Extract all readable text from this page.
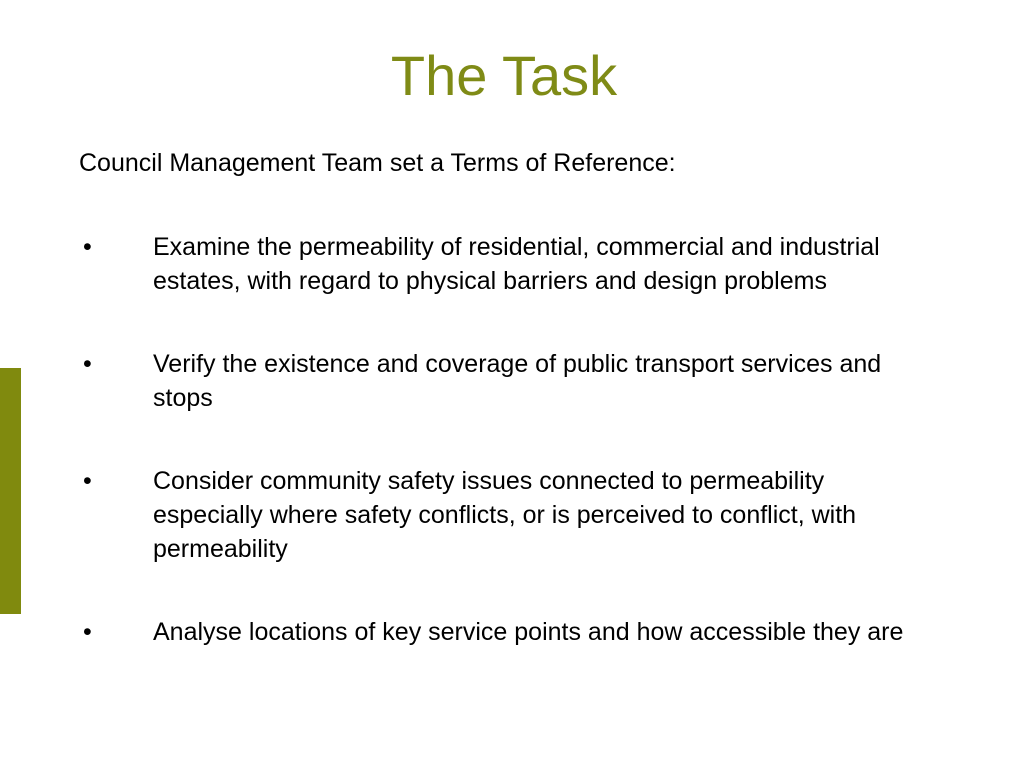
The Task
Council Management Team set a Terms of Reference:
• Examine the permeability of residential, commercial and industrial estates, with regard to physical barriers and design problems
• Verify the existence and coverage of public transport services and stops
• Consider community safety issues connected to permeability especially where safety conflicts, or is perceived to conflict, with permeability
• Analyse locations of key service points and how accessible they are
